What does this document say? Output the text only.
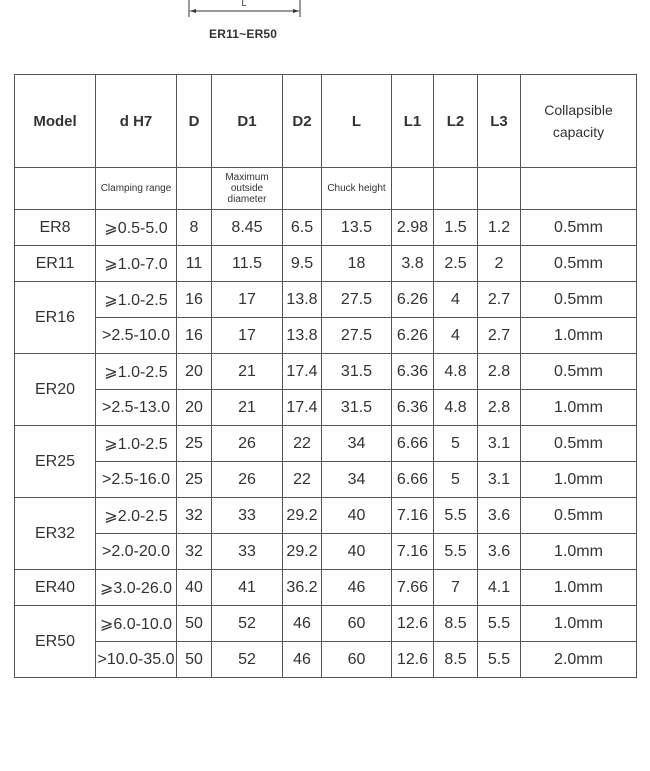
L
ER11~ER50
Model	d H7	D	D1	D2	L	L1	L2	L3	Collapsible capacity
	Clamping range		Maximum outside diameter		Chuck height				
ER8	⩾0.5-5.0	8	8.45	6.5	13.5	2.98	1.5	1.2	0.5mm
ER11	⩾1.0-7.0	11	11.5	9.5	18	3.8	2.5	2	0.5mm
ER16	⩾1.0-2.5	16	17	13.8	27.5	6.26	4	2.7	0.5mm
	>2.5-10.0	16	17	13.8	27.5	6.26	4	2.7	1.0mm
ER20	⩾1.0-2.5	20	21	17.4	31.5	6.36	4.8	2.8	0.5mm
	>2.5-13.0	20	21	17.4	31.5	6.36	4.8	2.8	1.0mm
ER25	⩾1.0-2.5	25	26	22	34	6.66	5	3.1	0.5mm
	>2.5-16.0	25	26	22	34	6.66	5	3.1	1.0mm
ER32	⩾2.0-2.5	32	33	29.2	40	7.16	5.5	3.6	0.5mm
	>2.0-20.0	32	33	29.2	40	7.16	5.5	3.6	1.0mm
ER40	⩾3.0-26.0	40	41	36.2	46	7.66	7	4.1	1.0mm
ER50	⩾6.0-10.0	50	52	46	60	12.6	8.5	5.5	1.0mm
	>10.0-35.0	50	52	46	60	12.6	8.5	5.5	2.0mm
